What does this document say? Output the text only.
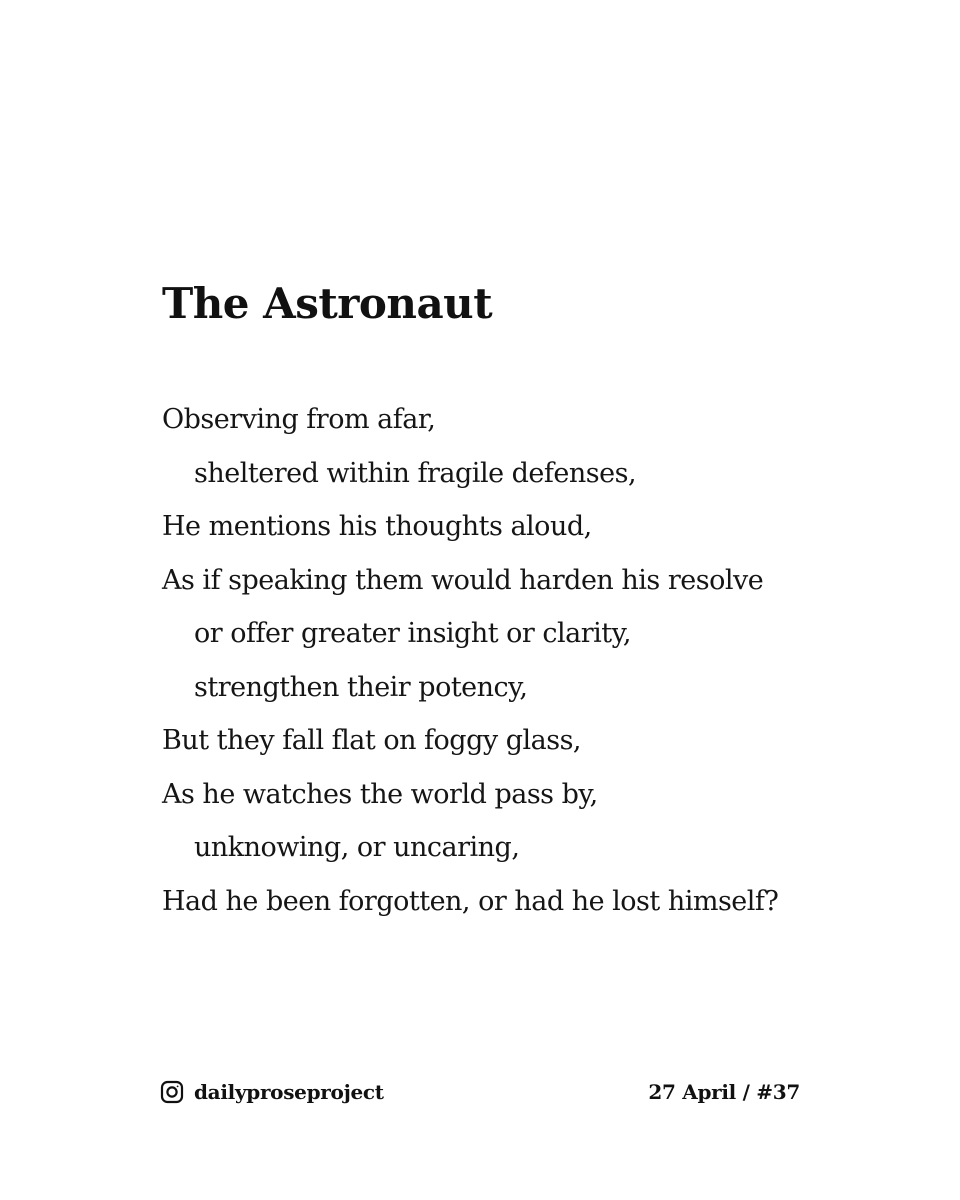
The Astronaut
Observing from afar,
sheltered within fragile defenses,
He mentions his thoughts aloud,
As if speaking them would harden his resolve
or offer greater insight or clarity,
strengthen their potency,
But they fall flat on foggy glass,
As he watches the world pass by,
unknowing, or uncaring,
Had he been forgotten, or had he lost himself?
dailyproseproject	27 April / #37
